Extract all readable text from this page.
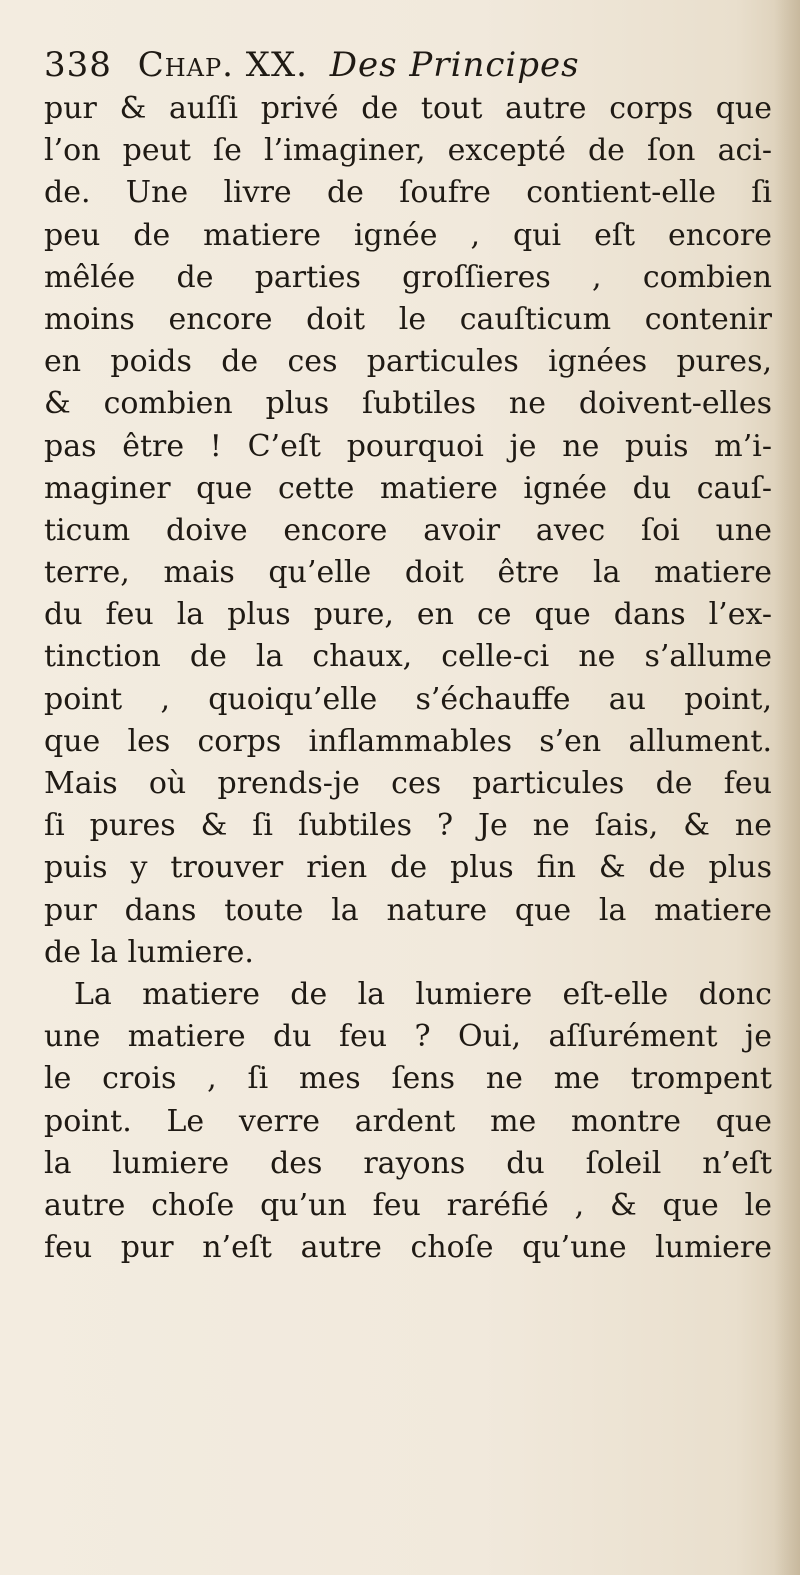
338 Chap. XX. Des Principes
pur & auſſi privé de tout autre corps que
l’on peut ſe l’imaginer, excepté de ſon aci-
de. Une livre de ſoufre contient-elle ſi
peu de matiere ignée , qui eſt encore
mêlée de parties groſſieres , combien
moins encore doit le cauſticum contenir
en poids de ces particules ignées pures,
& combien plus ſubtiles ne doivent-elles
pas être ! C’eſt pourquoi je ne puis m’i-
maginer que cette matiere ignée du cauſ-
ticum doive encore avoir avec ſoi une
terre, mais qu’elle doit être la matiere
du feu la plus pure, en ce que dans l’ex-
tinction de la chaux, celle-ci ne s’allume
point , quoiqu’elle s’échauffe au point,
que les corps inflammables s’en allument.
Mais où prends-je ces particules de feu
ſi pures & ſi ſubtiles ? Je ne ſais, & ne
puis y trouver rien de plus fin & de plus
pur dans toute la nature que la matiere
de la lumiere.
La matiere de la lumiere eſt-elle donc
une matiere du feu ? Oui, aſſurément je
le crois , ſi mes ſens ne me trompent
point. Le verre ardent me montre que
la lumiere des rayons du ſoleil n’eſt
autre choſe qu’un feu raréfié , & que le
feu pur n’eſt autre choſe qu’une lumiere
